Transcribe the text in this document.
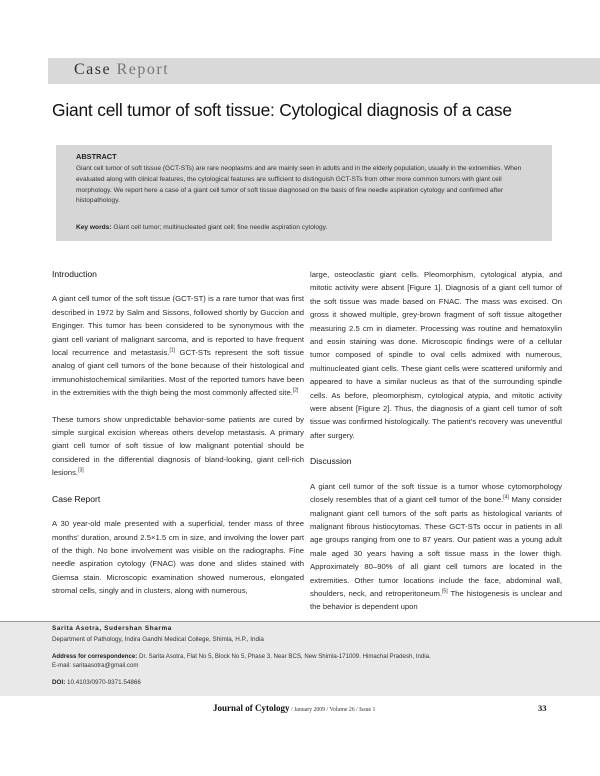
Case Report
Giant cell tumor of soft tissue: Cytological diagnosis of a case
ABSTRACT
Giant cell tumor of soft tissue (GCT-STs) are rare neoplasms and are mainly seen in adults and in the elderly population, usually in the extremities. When evaluated along with clinical features, the cytological features are sufficient to distinguish GCT-STs from other more common tumors with giant cell morphology. We report here a case of a giant cell tumor of soft tissue diagnosed on the basis of fine needle aspiration cytology and confirmed after histopathology.
Key words: Giant cell tumor; multinucleated giant cell; fine needle aspiration cytology.
Introduction

A giant cell tumor of the soft tissue (GCT-ST) is a rare tumor that was first described in 1972 by Salm and Sissons, followed shortly by Guccion and Enginger. This tumor has been considered to be synonymous with the giant cell variant of malignant sarcoma, and is reported to have frequent local recurrence and metastasis.[1] GCT-STs represent the soft tissue analog of giant cell tumors of the bone because of their histological and immunohistochemical similarities. Most of the reported tumors have been in the extremities with the thigh being the most commonly affected site.[2]

These tumors show unpredictable behavior-some patients are cured by simple surgical excision whereas others develop metastasis. A primary giant cell tumor of soft tissue of low malignant potential should be considered in the differential diagnosis of bland-looking, giant cell-rich lesions.[3]

Case Report

A 30 year-old male presented with a superficial, tender mass of three months' duration, around 2.5×1.5 cm in size, and involving the lower part of the thigh. No bone involvement was visible on the radiographs. Fine needle aspiration cytology (FNAC) was done and slides stained with Giemsa stain. Microscopic examination showed numerous, elongated stromal cells, singly and in clusters, along with numerous,

large, osteoclastic giant cells. Pleomorphism, cytological atypia, and mitotic activity were absent [Figure 1]. Diagnosis of a giant cell tumor of the soft tissue was made based on FNAC. The mass was excised. On gross it showed multiple, grey-brown fragment of soft tissue altogether measuring 2.5 cm in diameter. Processing was routine and hematoxylin and eosin staining was done. Microscopic findings were of a cellular tumor composed of spindle to oval cells admixed with numerous, multinucleated giant cells. These giant cells were scattered uniformly and appeared to have a similar nucleus as that of the surrounding spindle cells. As before, pleomorphism, cytological atypia, and mitotic activity were absent [Figure 2]. Thus, the diagnosis of a giant cell tumor of soft tissue was confirmed histologically. The patient's recovery was uneventful after surgery.

Discussion

A giant cell tumor of the soft tissue is a tumor whose cytomorphology closely resembles that of a giant cell tumor of the bone.[4] Many consider malignant giant cell tumors of the soft parts as histological variants of malignant fibrous histiocytomas. These GCT-STs occur in patients in all age groups ranging from one to 87 years. Our patient was a young adult male aged 30 years having a soft tissue mass in the lower thigh. Approximately 80–90% of all giant cell tumors are located in the extremities. Other tumor locations include the face, abdominal wall, shoulders, neck, and retroperitoneum.[5] The histogenesis is unclear and the behavior is dependent upon

Sarita Asotra, Sudershan Sharma
Department of Pathology, Indira Gandhi Medical College, Shimla, H.P., India
Address for correspondence: Dr. Sarita Asotra, Flat No 5, Block No 5, Phase 3, Near BCS, New Shimla-171009. Himachal Pradesh, India.
E-mail: saritaasotra@gmail.com
DOI: 10.4103/0970-9371.54866
Journal of Cytology / January 2009 / Volume 26 / Issue 1	33
